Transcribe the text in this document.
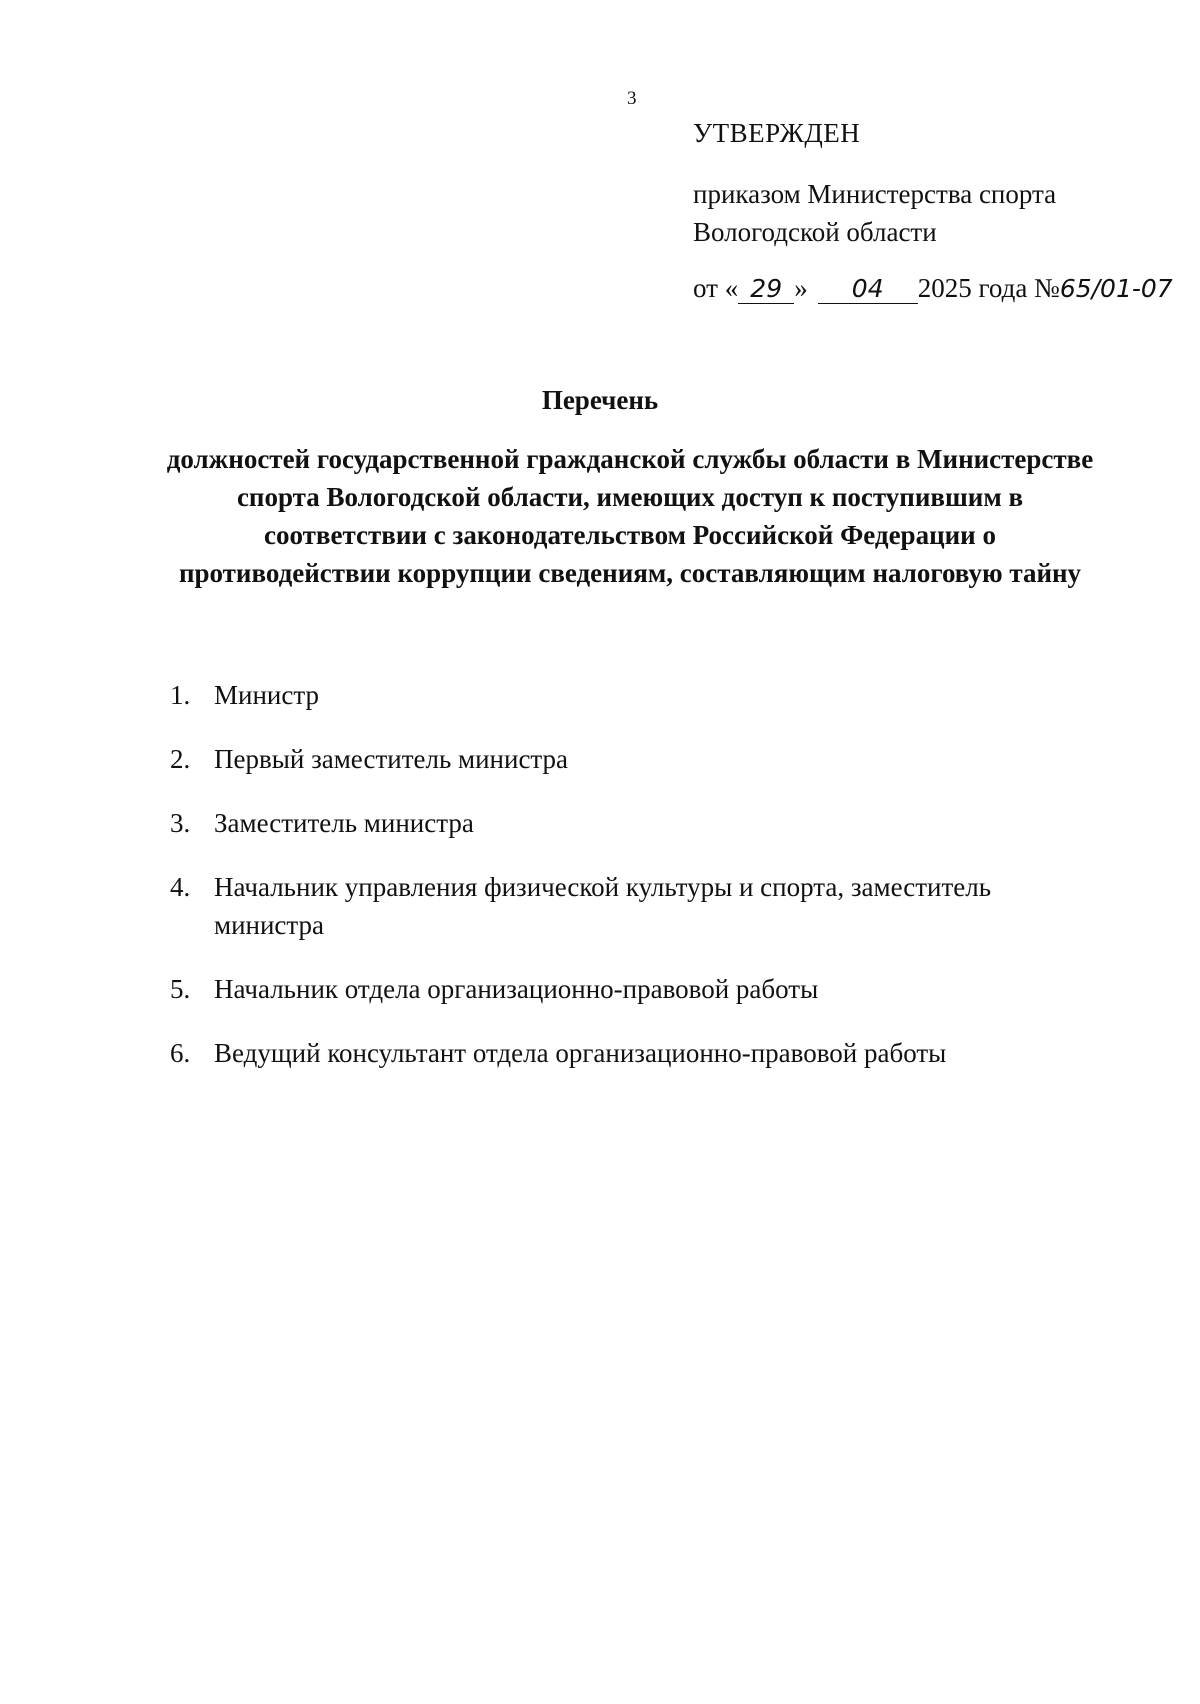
3

УТВЕРЖДЕН

приказом Министерства спорта
Вологодской области

от « 29 » 04 2025 года №65/01-07

Перечень
должностей государственной гражданской службы области в Министерстве
спорта Вологодской области, имеющих доступ к поступившим в
соответствии с законодательством Российской Федерации о
противодействии коррупции сведениям, составляющим налоговую тайну
1. Министр
2. Первый заместитель министра
3. Заместитель министра
4. Начальник управления физической культуры и спорта, заместитель министра
5. Начальник отдела организационно-правовой работы
6. Ведущий консультант отдела организационно-правовой работы
